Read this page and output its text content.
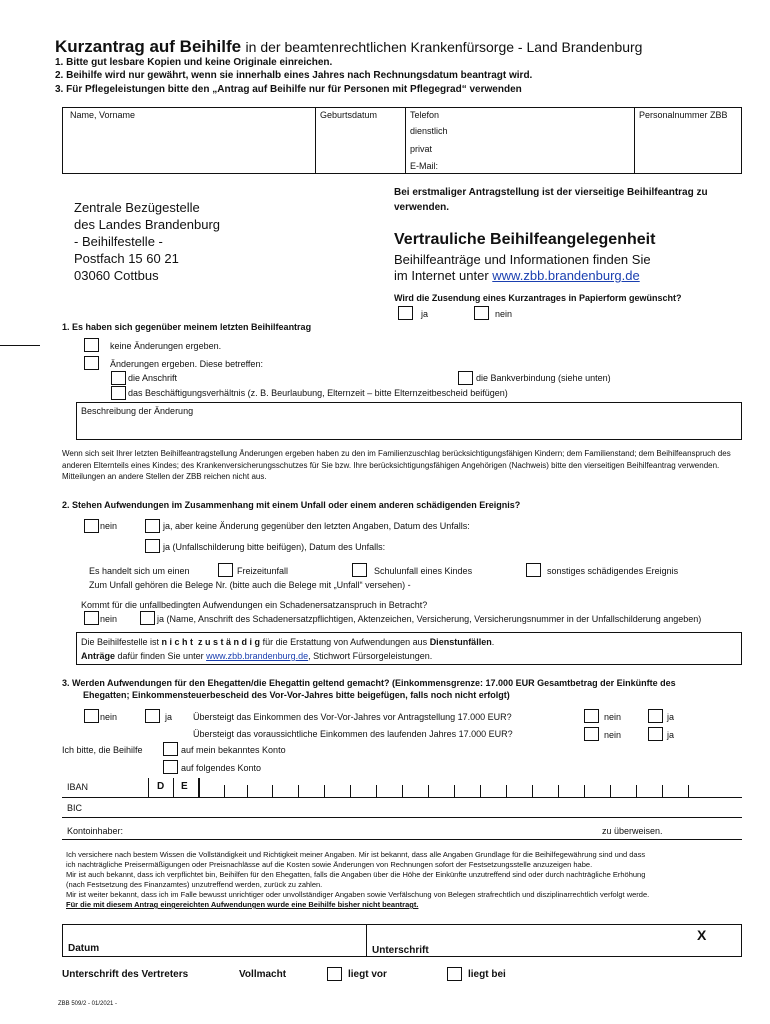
Kurzantrag auf Beihilfe in der beamtenrechtlichen Krankenfürsorge - Land Brandenburg
1. Bitte gut lesbare Kopien und keine Originale einreichen.
2. Beihilfe wird nur gewährt, wenn sie innerhalb eines Jahres nach Rechnungsdatum beantragt wird.
3. Für Pflegeleistungen bitte den „Antrag auf Beihilfe nur für Personen mit Pflegegrad“ verwenden
Name, Vorname	Geburtsdatum	Telefon
dienstlich
privat
E-Mail:
Personalnummer ZBB
Zentrale Bezügestelle
des Landes Brandenburg
- Beihilfestelle -
Postfach 15 60 21
03060 Cottbus
Bei erstmaliger Antragstellung ist der vierseitige Beihilfeantrag zu verwenden.
Vertrauliche Beihilfeangelegenheit
Beihilfeanträge und Informationen finden Sie
im Internet unter www.zbb.brandenburg.de
Wird die Zusendung eines Kurzantrages in Papierform gewünscht?
ja	nein
1. Es haben sich gegenüber meinem letzten Beihilfeantrag
keine Änderungen ergeben.
Änderungen ergeben. Diese betreffen:
die Anschrift	die Bankverbindung (siehe unten)
das Beschäftigungsverhältnis (z. B. Beurlaubung, Elternzeit – bitte Elternzeitbescheid beifügen)
Beschreibung der Änderung
Wenn sich seit Ihrer letzten Beihilfeantragstellung Änderungen ergeben haben zu den im Familienzuschlag berücksichtigungsfähigen Kindern; dem Familienstand; dem Beihilfeanspruch des anderen Elternteils eines Kindes; des Krankenversicherungsschutzes für Sie bzw. Ihre berücksichtigungsfähigen Angehörigen (Nachweis) bitte den vierseitigen Beihilfeantrag verwenden. Mitteilungen an andere Stellen der ZBB reichen nicht aus.
2. Stehen Aufwendungen im Zusammenhang mit einem Unfall oder einem anderen schädigenden Ereignis?
nein	ja, aber keine Änderung gegenüber den letzten Angaben, Datum des Unfalls:
ja (Unfallschilderung bitte beifügen), Datum des Unfalls:
Es handelt sich um einen	Freizeitunfall	Schulunfall eines Kindes	sonstiges schädigendes Ereignis
Zum Unfall gehören die Belege Nr. (bitte auch die Belege mit „Unfall“ versehen) -
Kommt für die unfallbedingten Aufwendungen ein Schadenersatzanspruch in Betracht?
nein	ja (Name, Anschrift des Schadenersatzpflichtigen, Aktenzeichen, Versicherung, Versicherungsnummer in der Unfallschilderung angeben)
Die Beihilfestelle ist n i c h t  z u s t ä n d i g für die Erstattung von Aufwendungen aus Dienstunfällen.
Anträge dafür finden Sie unter www.zbb.brandenburg.de, Stichwort Fürsorgeleistungen.
3. Werden Aufwendungen für den Ehegatten/die Ehegattin geltend gemacht? (Einkommensgrenze: 17.000 EUR Gesamtbetrag der Einkünfte des
Ehegatten; Einkommensteuerbescheid des Vor-Vor-Jahres bitte beigefügen, falls noch nicht erfolgt)
nein	ja Übersteigt das Einkommen des Vor-Vor-Jahres vor Antragstellung 17.000 EUR?	nein	ja
Übersteigt das voraussichtliche Einkommen des laufenden Jahres 17.000 EUR?	nein	ja
Ich bitte, die Beihilfe	auf mein bekanntes Konto
auf folgendes Konto
IBAN	D E
BIC
Kontoinhaber:	zu überweisen.
Ich versichere nach bestem Wissen die Vollständigkeit und Richtigkeit meiner Angaben. Mir ist bekannt, dass alle Angaben Grundlage für die Beihilfegewährung sind und dass
ich nachträgliche Preisermäßigungen oder Preisnachlässe auf die Kosten sowie Änderungen von Rechnungen sofort der Festsetzungsstelle anzuzeigen habe.
Mir ist auch bekannt, dass ich verpflichtet bin, Beihilfen für den Ehegatten, falls die Angaben über die Höhe der Einkünfte unzutreffend sind oder durch nachträgliche Erhöhung
(nach Festsetzung des Finanzamtes) unzutreffend werden, zurück zu zahlen.
Mir ist weiter bekannt, dass ich im Falle bewusst unrichtiger oder unvollständiger Angaben sowie Verfälschung von Belegen strafrechtlich und disziplinarrechtlich verfolgt werde.
Für die mit diesem Antrag eingereichten Aufwendungen wurde eine Beihilfe bisher nicht beantragt.
Datum	Unterschrift
X
Unterschrift des Vertreters	Vollmacht	liegt vor	liegt bei
ZBB 509/2 - 01/2021 -
